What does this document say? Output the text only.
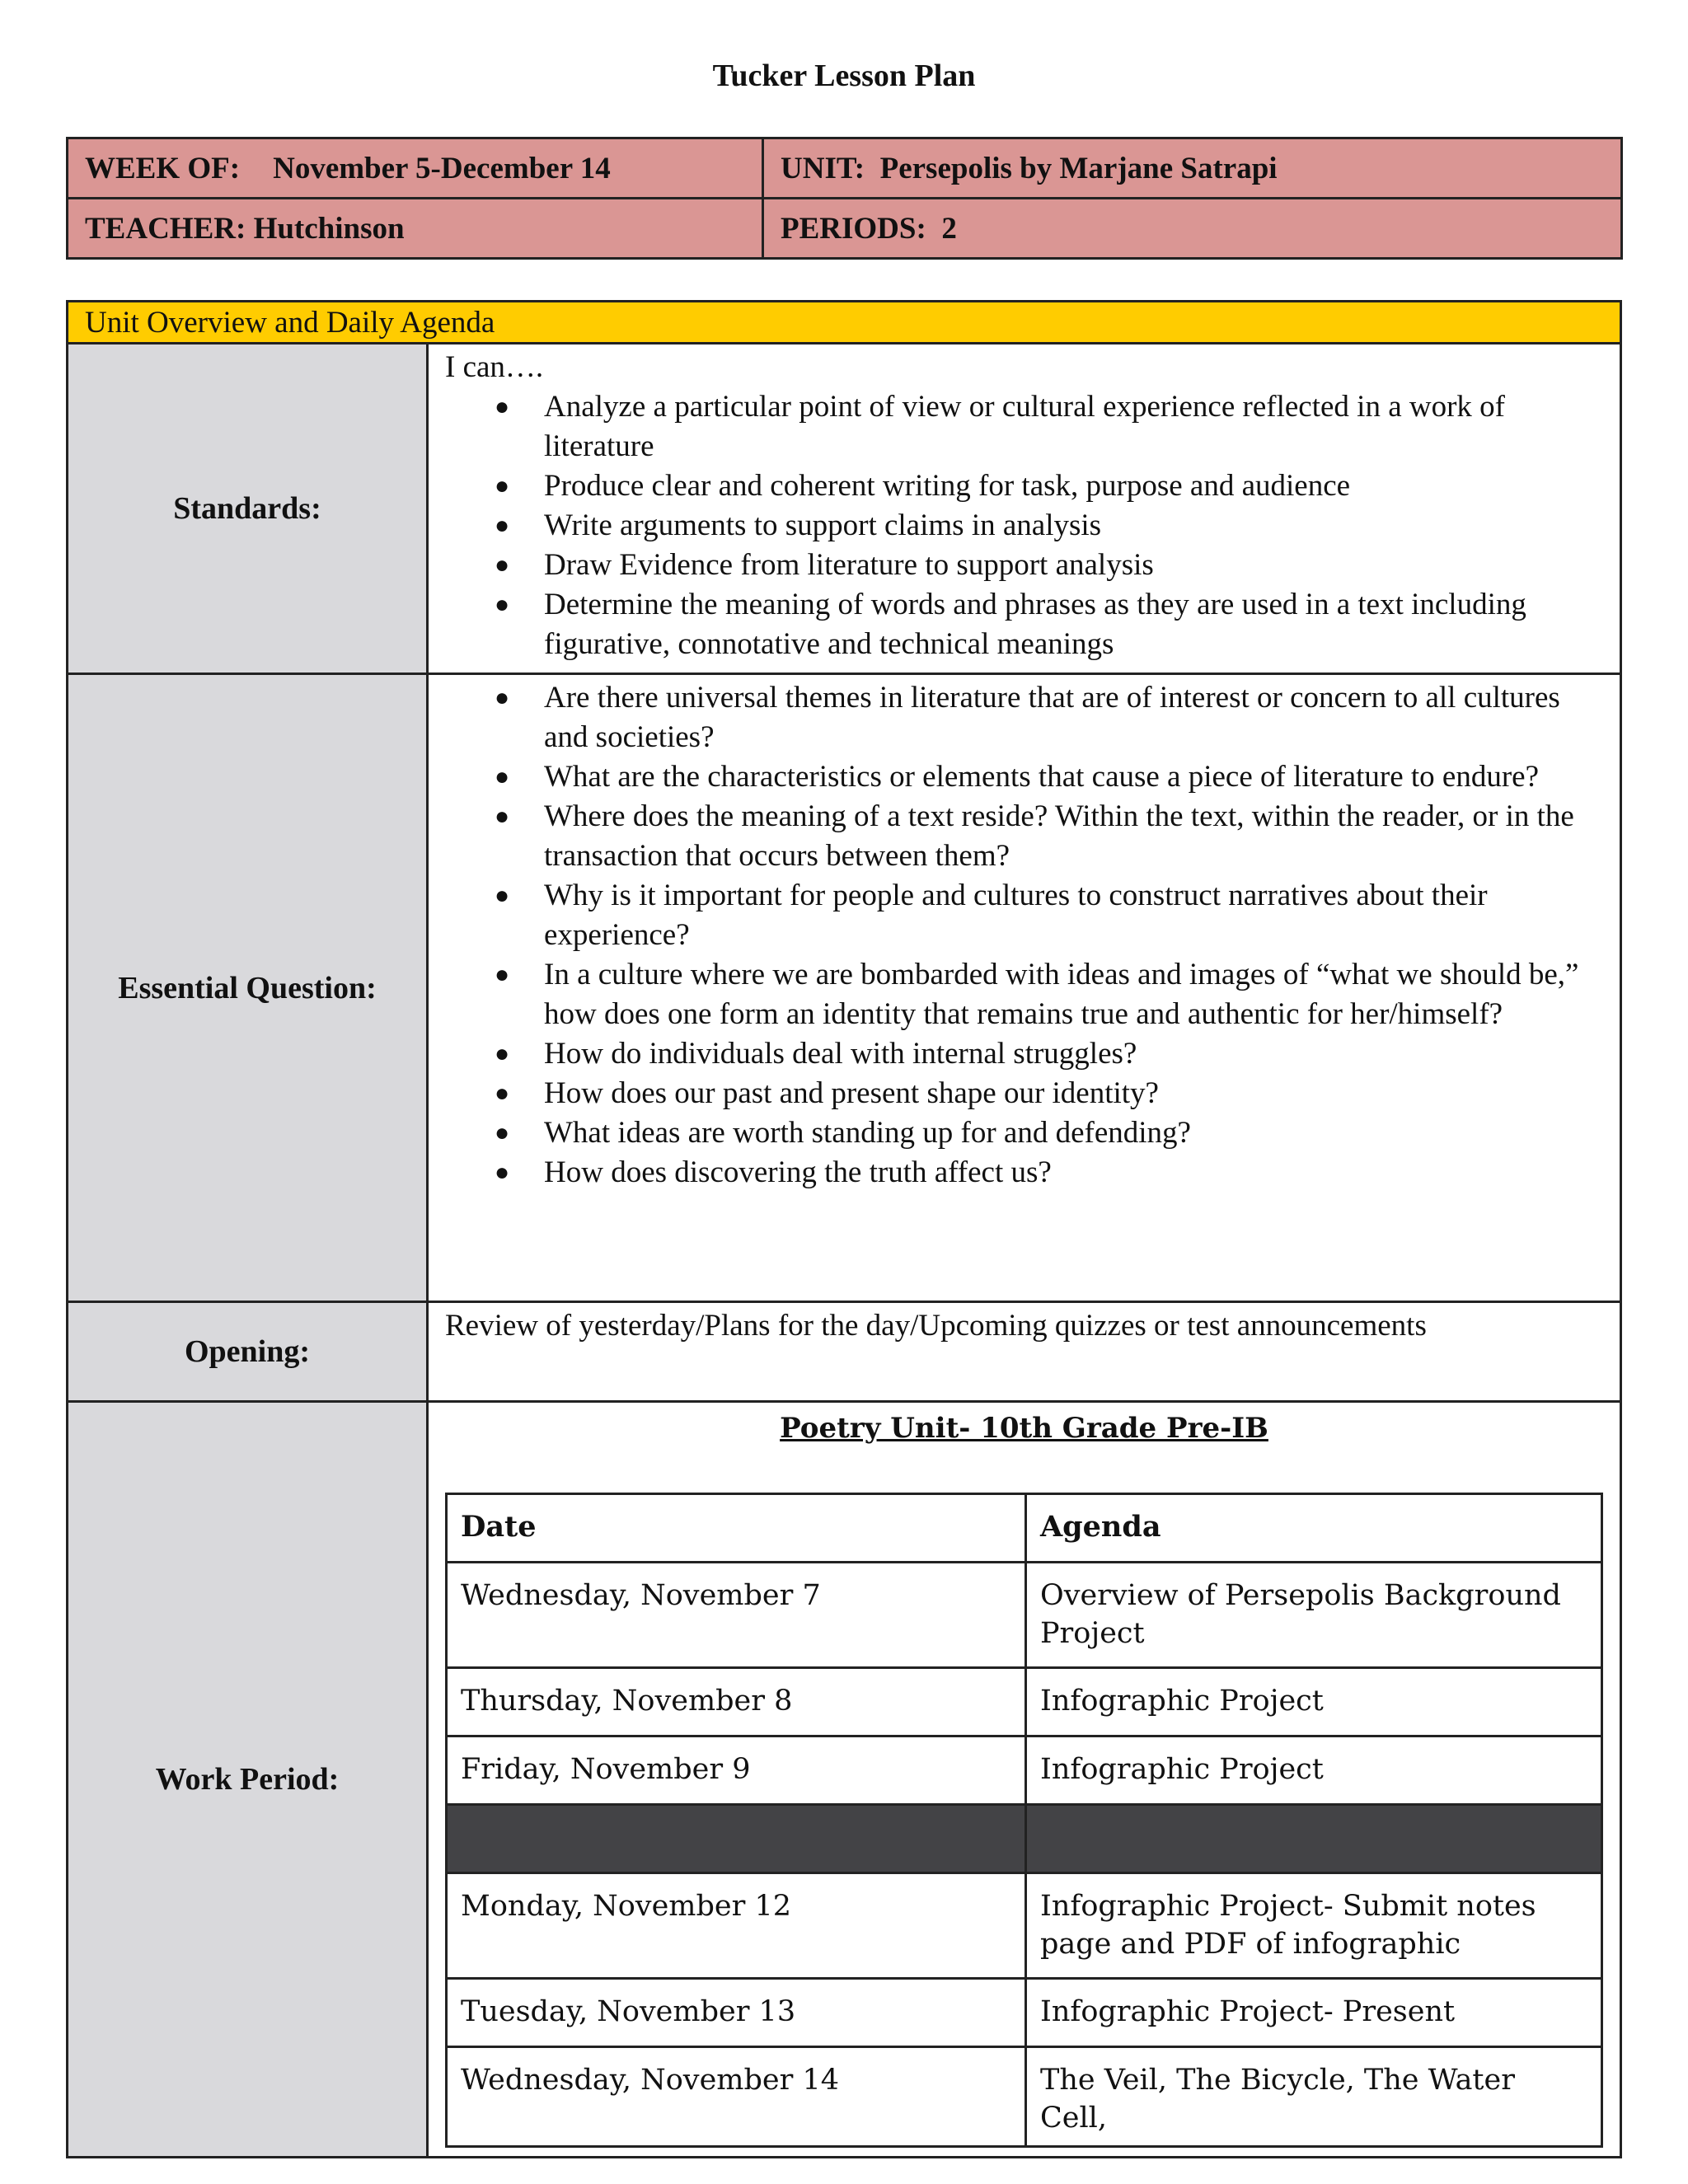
Tucker Lesson Plan
WEEK OF: November 5-December 14	UNIT: Persepolis by Marjane Satrapi
TEACHER: Hutchinson	PERIODS: 2
Unit Overview and Daily Agenda
Standards:	

I can….

● Analyze a particular point of view or cultural experience reflected in a work of literature
● Produce clear and coherent writing for task, purpose and audience
● Write arguments to support claims in analysis
● Draw Evidence from literature to support analysis
● Determine the meaning of words and phrases as they are used in a text including figurative, connotative and technical meanings

Essential Question:	
● Are there universal themes in literature that are of interest or concern to all cultures and societies?
● What are the characteristics or elements that cause a piece of literature to endure?
● Where does the meaning of a text reside? Within the text, within the reader, or in the transaction that occurs between them?
● Why is it important for people and cultures to construct narratives about their experience?
● In a culture where we are bombarded with ideas and images of “what we should be,” how does one form an identity that remains true and authentic for her/himself?
● How do individuals deal with internal struggles?
● How does our past and present shape our identity?
● What ideas are worth standing up for and defending?
● How does discovering the truth affect us?

Opening:	Review of yesterday/Plans for the day/Upcoming quizzes or test announcements
Work Period:	
Poetry Unit- 10th Grade Pre-IB
Date	Agenda
Wednesday, November 7	Overview of Persepolis Background Project
Thursday, November 8	Infographic Project
Friday, November 9	Infographic Project

Monday, November 12	Infographic Project- Submit notes page and PDF of infographic
Tuesday, November 13	Infographic Project- Present
Wednesday, November 14	The Veil, The Bicycle, The Water Cell,
